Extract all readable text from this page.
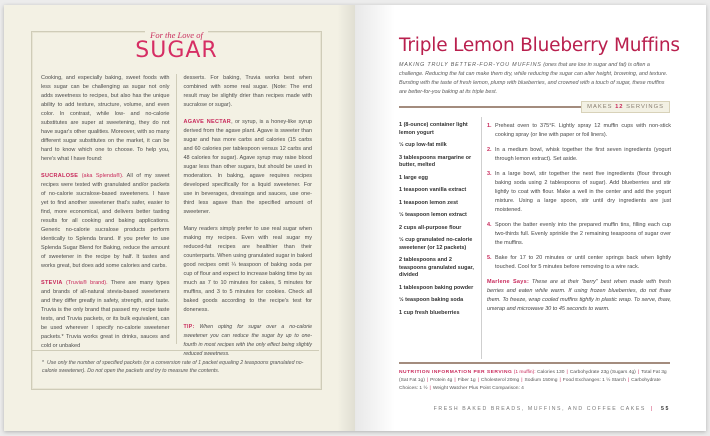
For the Love of
SUGAR

Cooking, and especially baking, sweet foods with less sugar can be challenging as sugar not only adds sweetness to recipes, but also has the unique ability to add texture, structure, volume, and even color. In contrast, while low- and no-calorie substitutes are super at sweetening, they do not have sugar's other qualities. Moreover, with so many different sugar substitutes on the market, it can be hard to know which one to choose. To help you, here's what I have found:

SUCRALOSE (aka Splenda®). All of my sweet recipes were tested with granulated and/or packets of no-calorie sucralose-based sweeteners. I have yet to find another sweetener that's safer, easier to find, more economical, and delivers better tasting results for all cooking and baking applications. Generic no-calorie sucralose products perform identically to Splenda brand. If you prefer to use Splenda Sugar Blend for Baking, reduce the amount of sweetener in the recipe by half. It tastes and works great, but does add some calories and carbs.

STEVIA (Truvia® brand). There are many types and brands of all-natural stevia-based sweeteners and they differ greatly in safety, strength, and taste. Truvia is the only brand that passed my recipe taste tests, and Truvia packets, or its bulk equivalent, can be used wherever I specify no-calorie sweetener packets.* Truvia works great in drinks, sauces and cold or unbaked

desserts. For baking, Truvia works best when combined with some real sugar. (Note: The end result may be slightly drier than recipes made with sucralose or sugar).

AGAVE NECTAR, or syrup, is a honey-like syrup derived from the agave plant. Agave is sweeter than sugar and has more carbs and calories (15 carbs and 60 calories per tablespoon versus 12 carbs and 48 calories for sugar). Agave syrup may raise blood sugar less than other sugars, but should be used in moderation. In baking, agave requires recipes developed specifically for a liquid sweetener. For use in beverages, dressings and sauces, use one-third less agave than the specified amount of sweetener.

Many readers simply prefer to use real sugar when making my recipes. Even with real sugar my reduced-fat recipes are healthier than their counterparts. When using granulated sugar in baked good recipes omit ¼ teaspoon of baking soda per cup of flour and expect to increase baking time by as much as 7 to 10 minutes for cakes, 5 minutes for muffins, and 3 to 5 minutes for cookies. Check all baked goods according to the recipe's test for doneness.

TIP: When opting for sugar over a no-calorie sweetener you can reduce the sugar by up to one-fourth in most recipes with the only effect being slightly reduced sweetness.

* Use only the number of specified packets (or a conversion rate of 1 packet equaling 2 teaspoons granulated no-calorie sweetener). Do not open the packets and try to measure the contents.
Triple Lemon Blueberry Muffins
MAKING TRULY BETTER-FOR-YOU MUFFINS (ones that are low in sugar and fat) is often a challenge. Reducing the fat can make them dry, while reducing the sugar can alter height, browning, and texture. Bursting with the taste of fresh lemon, plump with blueberries, and crowned with a touch of sugar, these muffins are better-for-you baking at its triple best.
MAKES 12 SERVINGS
1 (8-ounce) container light lemon yogurt
½ cup low-fat milk
3 tablespoons margarine or butter, melted
1 large egg
1 teaspoon vanilla extract
1 teaspoon lemon zest
½ teaspoon lemon extract
2 cups all-purpose flour
½ cup granulated no-calorie sweetener (or 12 packets)
2 tablespoons and 2 teaspoons granulated sugar, divided
1 tablespoon baking powder
½ teaspoon baking soda
1 cup fresh blueberries
1. Preheat oven to 375°F. Lightly spray 12 muffin cups with non-stick cooking spray (or line with paper or foil liners).
2. In a medium bowl, whisk together the first seven ingredients (yogurt through lemon extract). Set aside.
3. In a large bowl, stir together the next five ingredients (flour through baking soda using 2 tablespoons of sugar). Add blueberries and stir lightly to coat with flour. Make a well in the center and add the yogurt mixture. Using a large spoon, stir until dry ingredients are just moistened.
4. Spoon the batter evenly into the prepared muffin tins, filling each cup two-thirds full. Evenly sprinkle the 2 remaining teaspoons of sugar over the muffins.
5. Bake for 17 to 20 minutes or until center springs back when lightly touched. Cool for 5 minutes before removing to a wire rack.
Marlene Says: These are at their "berry" best when made with fresh berries and eaten while warm. If using frozen blueberries, do not thaw them. To freeze, wrap cooled muffins tightly in plastic wrap. To serve, thaw, unwrap and microwave 30 to 45 seconds to warm.
NUTRITION INFORMATION PER SERVING (1 muffin): Calories 130 | Carbohydrate 23g (Sugars 4g) | Total Fat 3g (Sat Fat 1g) | Protein 4g | Fiber 1g | Cholesterol 20mg | Sodium 150mg | Food Exchanges: 1 ½ Starch | Carbohydrate Choices: 1 ½ | Weight Watcher Plus Point Comparison: 4
FRESH BAKED BREADS, MUFFINS, AND COFFEE CAKES | 55
